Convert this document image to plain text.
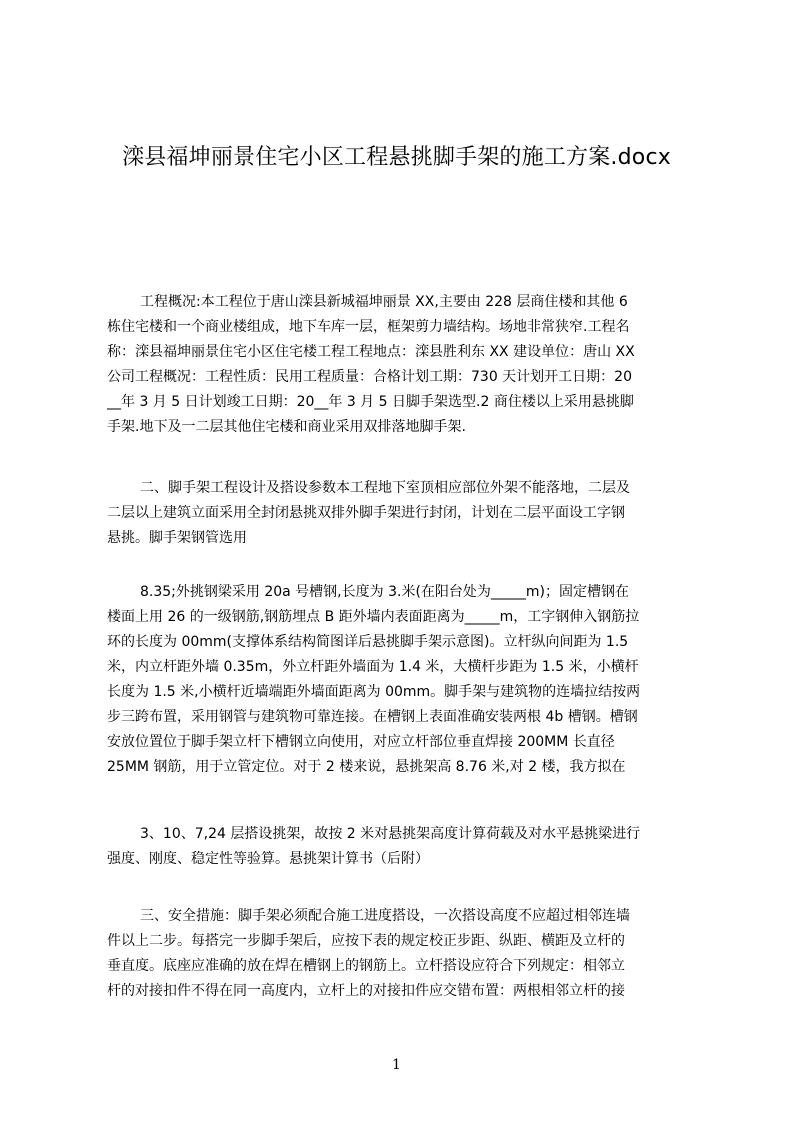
滦县福坤丽景住宅小区工程悬挑脚手架的施工方案.docx
工程概况:本工程位于唐山滦县新城福坤丽景 XX,主要由 228 层商住楼和其他 6
栋住宅楼和一个商业楼组成，地下车库一层，框架剪力墙结构。场地非常狭窄.工程名
称：滦县福坤丽景住宅小区住宅楼工程工程地点：滦县胜利东 XX 建设单位：唐山 XX
公司工程概况：工程性质：民用工程质量：合格计划工期：730 天计划开工日期：20
__年 3 月 5 日计划竣工日期：20__年 3 月 5 日脚手架选型.2 商住楼以上采用悬挑脚
手架.地下及一二层其他住宅楼和商业采用双排落地脚手架.
二、脚手架工程设计及搭设参数本工程地下室顶相应部位外架不能落地，二层及
二层以上建筑立面采用全封闭悬挑双排外脚手架进行封闭，计划在二层平面设工字钢
悬挑。脚手架钢管选用
8.35;外挑钢梁采用 20a 号槽钢,长度为 3.米(在阳台处为_____m)；固定槽钢在
楼面上用 26 的一级钢筋,钢筋埋点 B 距外墙内表面距离为_____m，工字钢伸入钢筋拉
环的长度为 00mm(支撑体系结构简图详后悬挑脚手架示意图)。立杆纵向间距为 1.5
米，内立杆距外墙 0.35m，外立杆距外墙面为 1.4 米，大横杆步距为 1.5 米，小横杆
长度为 1.5 米,小横杆近墙端距外墙面距离为 00mm。脚手架与建筑物的连墙拉结按两
步三跨布置，采用钢管与建筑物可靠连接。在槽钢上表面准确安装两根 4b 槽钢。槽钢
安放位置位于脚手架立杆下槽钢立向使用，对应立杆部位垂直焊接 200MM 长直径
25MM 钢筋，用于立管定位。对于 2 楼来说，悬挑架高 8.76 米,对 2 楼，我方拟在
3、10、7,24 层搭设挑架，故按 2 米对悬挑架高度计算荷载及对水平悬挑梁进行
强度、刚度、稳定性等验算。悬挑架计算书（后附）
三、安全措施：脚手架必须配合施工进度搭设，一次搭设高度不应超过相邻连墙
件以上二步。每搭完一步脚手架后，应按下表的规定校正步距、纵距、横距及立杆的
垂直度。底座应准确的放在焊在槽钢上的钢筋上。立杆搭设应符合下列规定：相邻立
杆的对接扣件不得在同一高度内，立杆上的对接扣件应交错布置：两根相邻立杆的接
1
